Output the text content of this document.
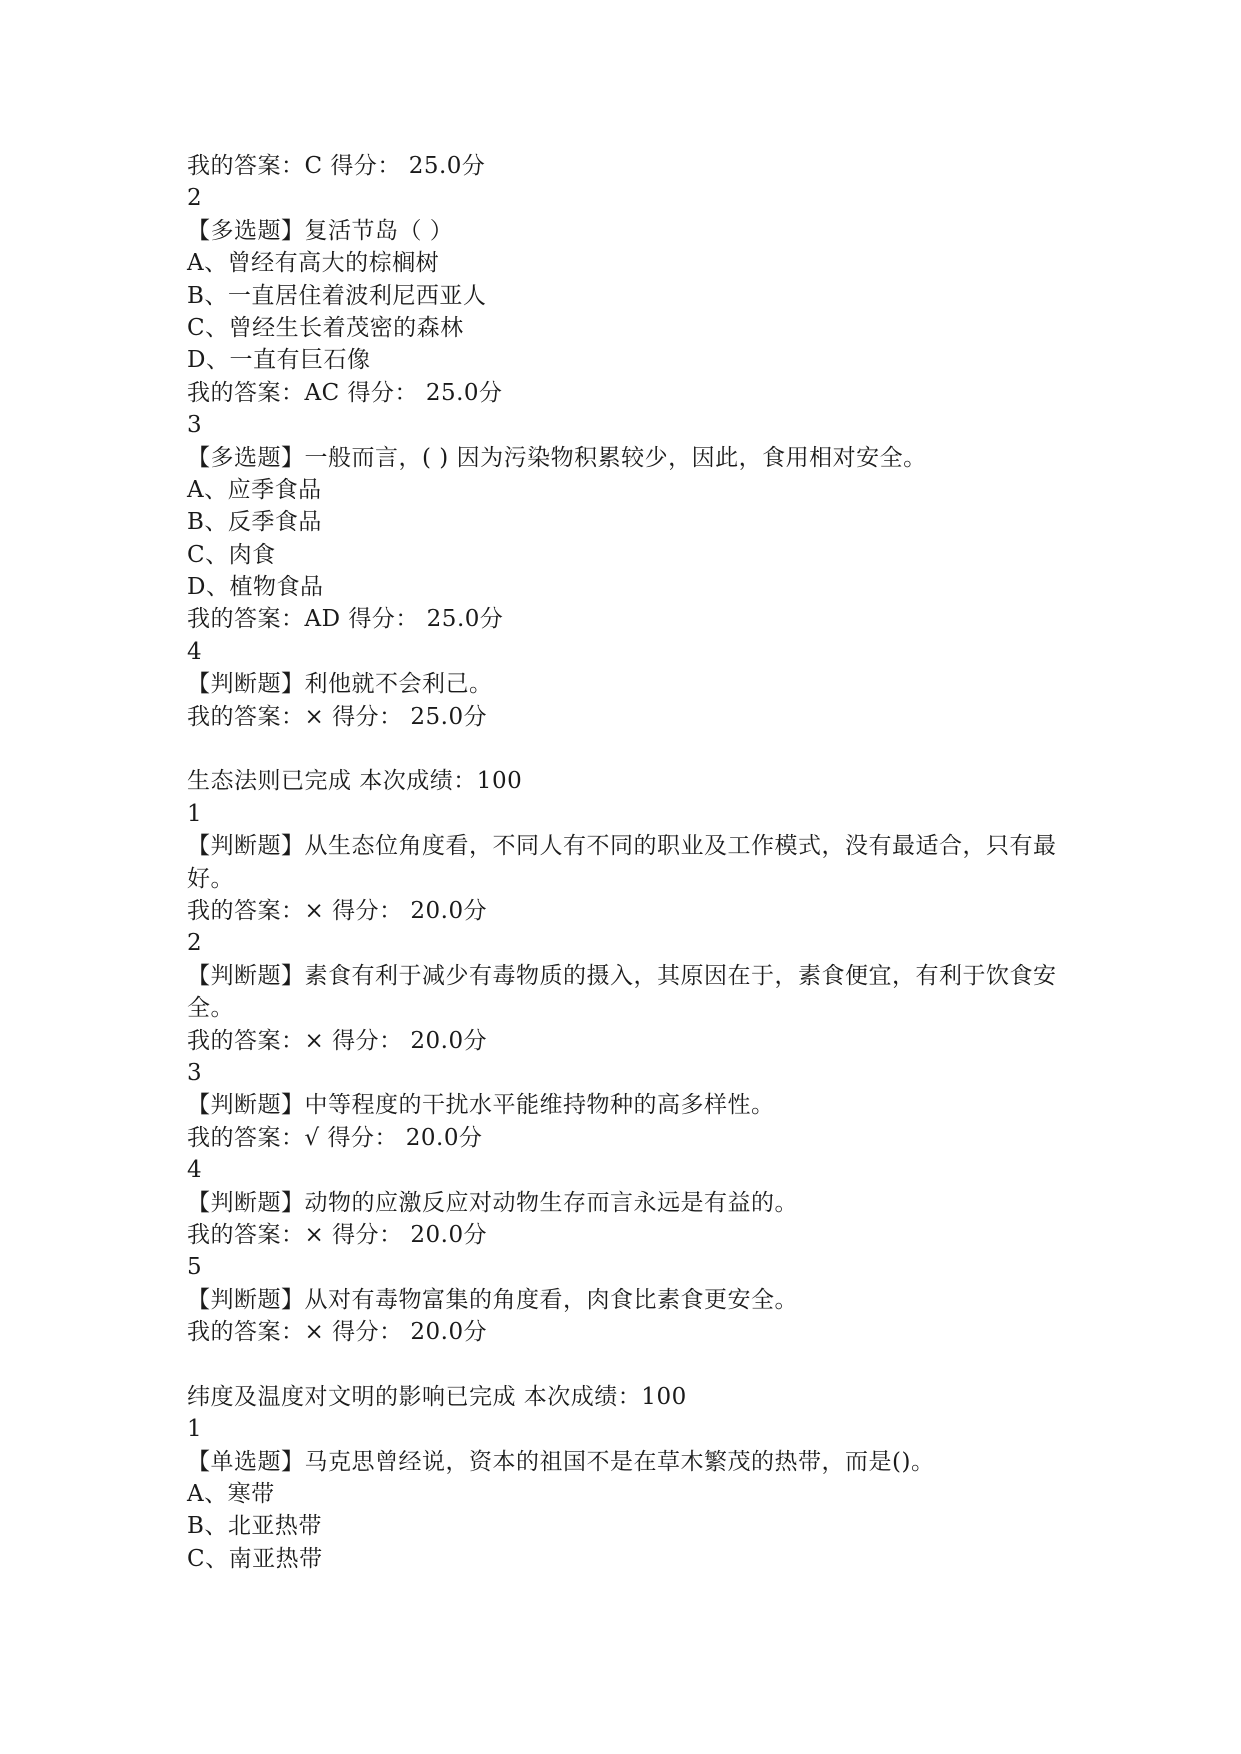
我的答案：C 得分： 25.0分
2
【多选题】复活节岛（ ）
A、曾经有高大的棕榈树
B、一直居住着波利尼西亚人
C、曾经生长着茂密的森林
D、一直有巨石像
我的答案：AC 得分： 25.0分
3
【多选题】一般而言，( ) 因为污染物积累较少，因此，食用相对安全。
A、应季食品
B、反季食品
C、肉食
D、植物食品
我的答案：AD 得分： 25.0分
4
【判断题】利他就不会利己。
我的答案：× 得分： 25.0分
生态法则已完成 本次成绩：100
1
【判断题】从生态位角度看，不同人有不同的职业及工作模式，没有最适合，只有最好。
我的答案：× 得分： 20.0分
2
【判断题】素食有利于减少有毒物质的摄入，其原因在于，素食便宜，有利于饮食安全。
我的答案：× 得分： 20.0分
3
【判断题】中等程度的干扰水平能维持物种的高多样性。
我的答案：√ 得分： 20.0分
4
【判断题】动物的应激反应对动物生存而言永远是有益的。
我的答案：× 得分： 20.0分
5
【判断题】从对有毒物富集的角度看，肉食比素食更安全。
我的答案：× 得分： 20.0分
纬度及温度对文明的影响已完成 本次成绩：100
1
【单选题】马克思曾经说，资本的祖国不是在草木繁茂的热带，而是()。
A、寒带
B、北亚热带
C、南亚热带
